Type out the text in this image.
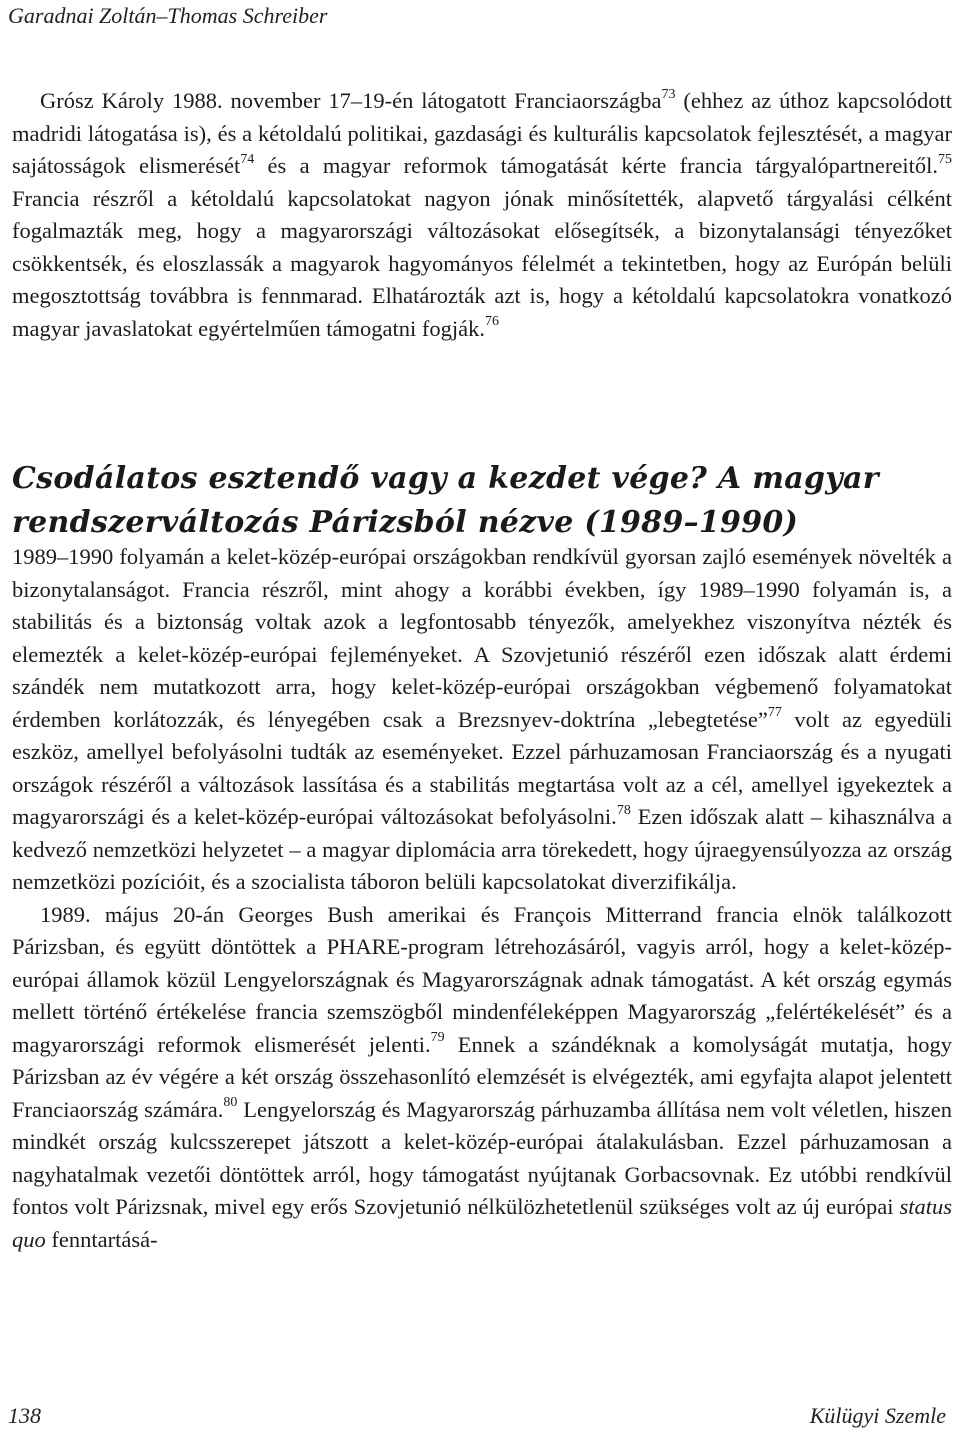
Garadnai Zoltán–Thomas Schreiber

Grósz Károly 1988. november 17–19-én látogatott Franciaországba$^{73}$ (ehhez az úthoz kapcsolódott madridi látogatása is), és a kétoldalú politikai, gazdasági és kulturális kapcsolatok fejlesztését, a magyar sajátosságok elismerését$^{74}$ és a magyar reformok támogatását kérte francia tárgyalópartnereitől.$^{75}$ Francia részről a kétoldalú kapcsolatokat nagyon jónak minősítették, alapvető tárgyalási célként fogalmazták meg, hogy a magyarországi változásokat elősegítsék, a bizonytalansági tényezőket csökkentsék, és eloszlassák a magyarok hagyományos félelmét a tekintetben, hogy az Európán belüli megosztottság továbbra is fennmarad. Elhatározták azt is, hogy a kétoldalú kapcsolatokra vonatkozó magyar javaslatokat egyértelműen támogatni fogják.$^{76}$

Csodálatos esztendő vagy a kezdet vége? A magyar
rendszerváltozás Párizsból nézve (1989–1990)

1989–1990 folyamán a kelet-közép-európai országokban rendkívül gyorsan zajló események növelték a bizonytalanságot. Francia részről, mint ahogy a korábbi években, így 1989–1990 folyamán is, a stabilitás és a biztonság voltak azok a legfontosabb tényezők, amelyekhez viszonyítva nézték és elemezték a kelet-közép-európai fejleményeket. A Szovjetunió részéről ezen időszak alatt érdemi szándék nem mutatkozott arra, hogy kelet-közép-európai országokban végbemenő folyamatokat érdemben korlátozzák, és lényegében csak a Brezsnyev-doktrína „lebegtetése”$^{77}$ volt az egyedüli eszköz, amellyel befolyásolni tudták az eseményeket. Ezzel párhuzamosan Franciaország és a nyugati országok részéről a változások lassítása és a stabilitás megtartása volt az a cél, amellyel igyekeztek a magyarországi és a kelet-közép-európai változásokat befolyásolni.$^{78}$ Ezen időszak alatt – kihasználva a kedvező nemzetközi helyzetet – a magyar diplomácia arra törekedett, hogy újraegyensúlyozza az ország nemzetközi pozícióit, és a szocialista táboron belüli kapcsolatokat diverzifikálja.

1989. május 20-án Georges Bush amerikai és François Mitterrand francia elnök találkozott Párizsban, és együtt döntöttek a PHARE-program létrehozásáról, vagyis arról, hogy a kelet-közép-európai államok közül Lengyelországnak és Magyarországnak adnak támogatást. A két ország egymás mellett történő értékelése francia szemszögből mindenféleképpen Magyarország „felértékelését” és a magyarországi reformok elismerését jelenti.$^{79}$ Ennek a szándéknak a komolyságát mutatja, hogy Párizsban az év végére a két ország összehasonlító elemzését is elvégezték, ami egyfajta alapot jelentett Franciaország számára.$^{80}$ Lengyelország és Magyarország párhuzamba állítása nem volt véletlen, hiszen mindkét ország kulcsszerepet játszott a kelet-közép-európai átalakulásban. Ezzel párhuzamosan a nagyhatalmak vezetői döntöttek arról, hogy támogatást nyújtanak Gorbacsovnak. Ez utóbbi rendkívül fontos volt Párizsnak, mivel egy erős Szovjetunió nélkülözhetetlenül szükséges volt az új európai status quo fenntartásá-

138	Külügyi Szemle
